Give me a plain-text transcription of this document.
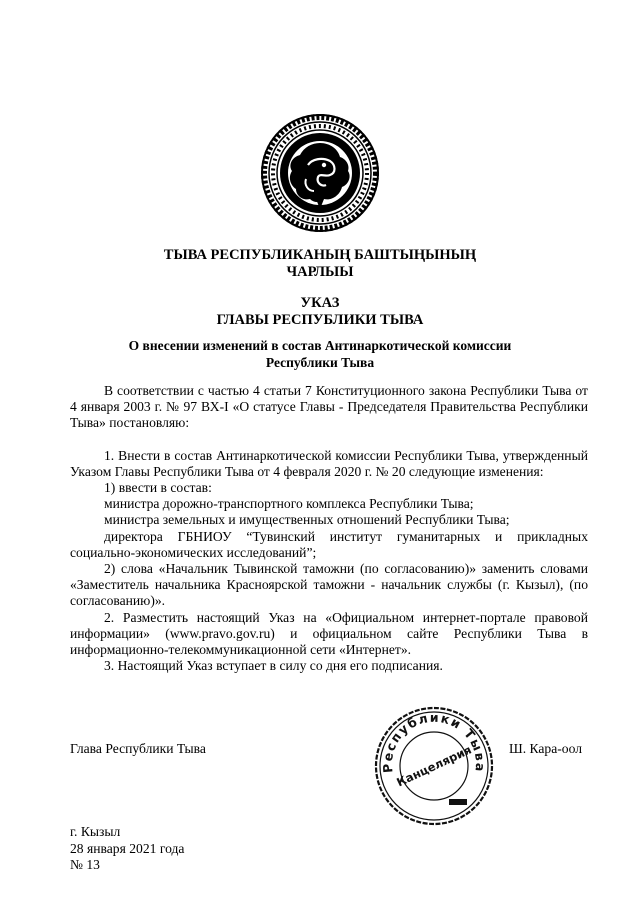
ТЫВА РЕСПУБЛИКАНЫҢ БАШТЫҢЫНЫҢ
ЧАРЛЫЫ
УКАЗ
ГЛАВЫ РЕСПУБЛИКИ ТЫВА
О внесении изменений в состав Антинаркотической комиссии
Республики Тыва

В соответствии с частью 4 статьи 7 Конституционного закона Республики Тыва от 4 января 2003 г. № 97 ВХ-I «О статусе Главы - Председателя Правительства Республики Тыва» постановляю:

1. Внести в состав Антинаркотической комиссии Республики Тыва, утвержденный Указом Главы Республики Тыва от 4 февраля 2020 г. № 20 следующие изменения:

1) ввести в состав:

министра дорожно-транспортного комплекса Республики Тыва;

министра земельных и имущественных отношений Республики Тыва;

директора ГБНИОУ “Тувинский институт гуманитарных и прикладных социально-экономических исследований”;

2) слова «Начальник Тывинской таможни (по согласованию)» заменить словами «Заместитель начальника Красноярской таможни - начальник службы (г. Кызыл), (по согласованию)».

2. Разместить настоящий Указ на «Официальном интернет-портале правовой информации» (www.pravo.gov.ru) и официальном сайте Республики Тыва в информационно-телекоммуникационной сети «Интернет».

3. Настоящий Указ вступает в силу со дня его подписания.

Глава Республики Тыва	Ш. Кара-оол
Республики Тыва
Канцелярия
г. Кызыл
28 января 2021 года
№ 13
